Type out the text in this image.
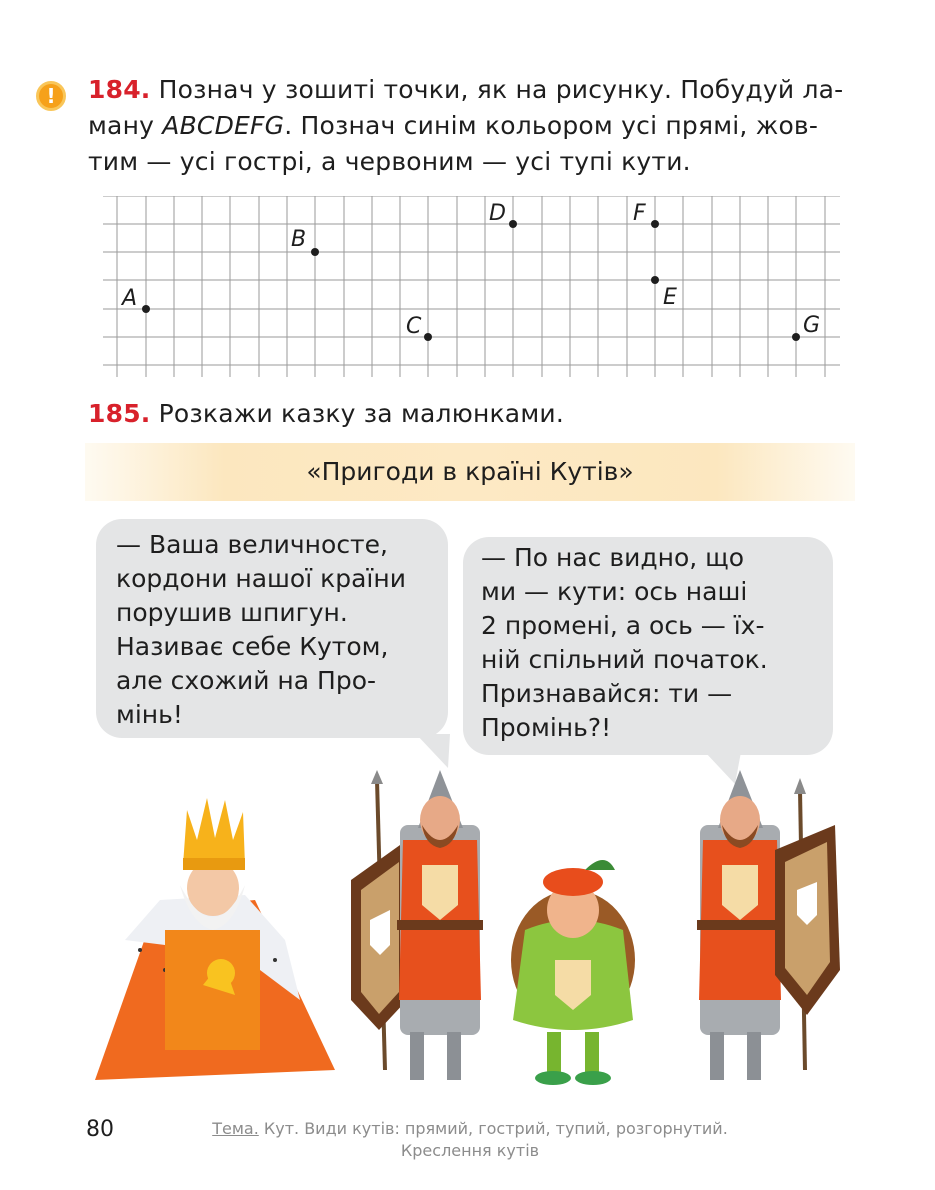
! 184. Познач у зошиті точки, як на рисунку. Побудуй ла-
ману ABCDEFG. Познач синім кольором усі прямі, жов-
тим — усі гострі, а червоним — усі тупі кути.
A
B
C
D
E
F
G
185. Розкажи казку за малюнками.
«Пригоди в країні Кутів»
— Ваша величносте,
кордони нашої країни
порушив шпигун.
Називає себе Кутом,
але схожий на Про-
мінь!
— По нас видно, що
ми — кути: ось наші
2 промені, а ось — їх-
ній спільний початок.
Признавайся: ти —
Промінь?!
80	Тема. Кут. Види кутів: прямий, гострий, тупий, розгорнутий.
Креслення кутів
